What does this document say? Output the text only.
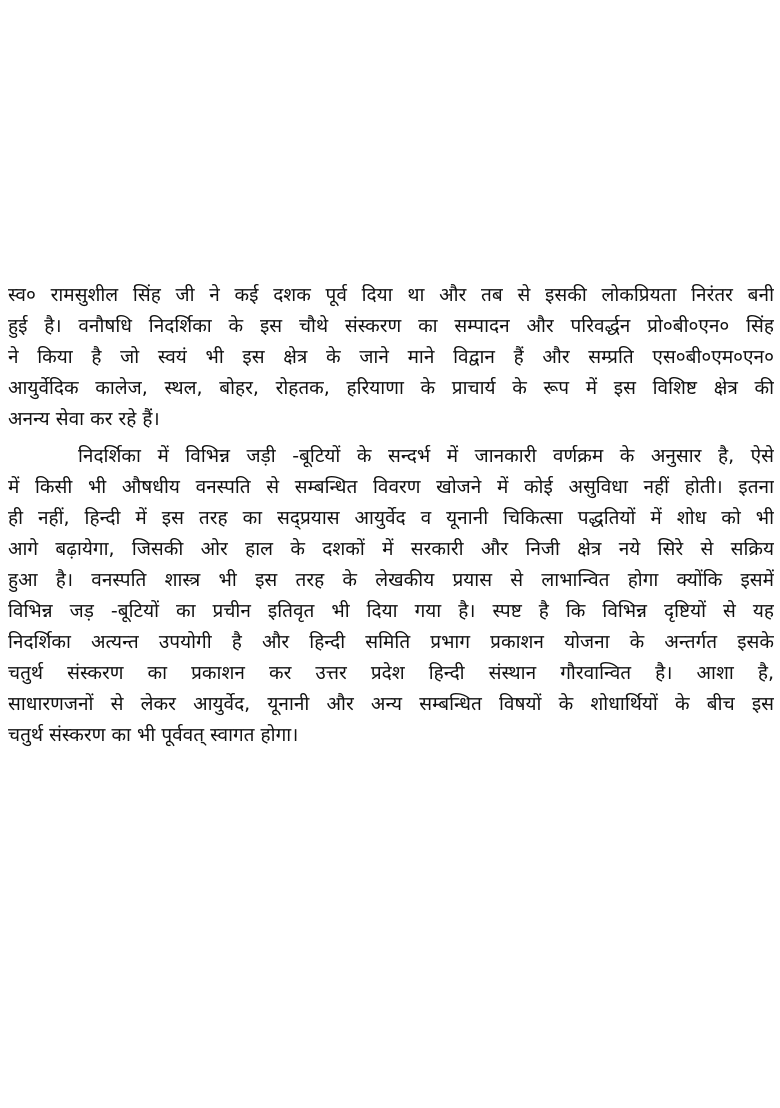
स्व० रामसुशील सिंह जी ने कई दशक पूर्व दिया था और तब से इसकी लोकप्रियता निरंतर बनी
हुई है। वनौषधि निदर्शिका के इस चौथे संस्करण का सम्पादन और परिवर्द्धन प्रो०बी०एन० सिंह
ने किया है जो स्वयं भी इस क्षेत्र के जाने माने विद्वान हैं और सम्प्रति एस०बी०एम०एन०
आयुर्वेदिक कालेज, स्थल, बोहर, रोहतक, हरियाणा के प्राचार्य के रूप में इस विशिष्ट क्षेत्र की
अनन्य सेवा कर रहे हैं।
निदर्शिका में विभिन्न जड़ी -बूटियों के सन्दर्भ में जानकारी वर्णक्रम के अनुसार है, ऐसे
में किसी भी औषधीय वनस्पति से सम्बन्धित विवरण खोजने में कोई असुविधा नहीं होती। इतना
ही नहीं, हिन्दी में इस तरह का सद्प्रयास आयुर्वेद व यूनानी चिकित्सा पद्धतियों में शोध को भी
आगे बढ़ायेगा, जिसकी ओर हाल के दशकों में सरकारी और निजी क्षेत्र नये सिरे से सक्रिय
हुआ है। वनस्पति शास्त्र भी इस तरह के लेखकीय प्रयास से लाभान्वित होगा क्योंकि इसमें
विभिन्न जड़ -बूटियों का प्रचीन इतिवृत भी दिया गया है। स्पष्ट है कि विभिन्न दृष्टियों से यह
निदर्शिका अत्यन्त उपयोगी है और हिन्दी समिति प्रभाग प्रकाशन योजना के अन्तर्गत इसके
चतुर्थ संस्करण का प्रकाशन कर उत्तर प्रदेश हिन्दी संस्थान गौरवान्वित है। आशा है,
साधारणजनों से लेकर आयुर्वेद, यूनानी और अन्य सम्बन्धित विषयों के शोधार्थियों के बीच इस
चतुर्थ संस्करण का भी पूर्ववत् स्वागत होगा।
